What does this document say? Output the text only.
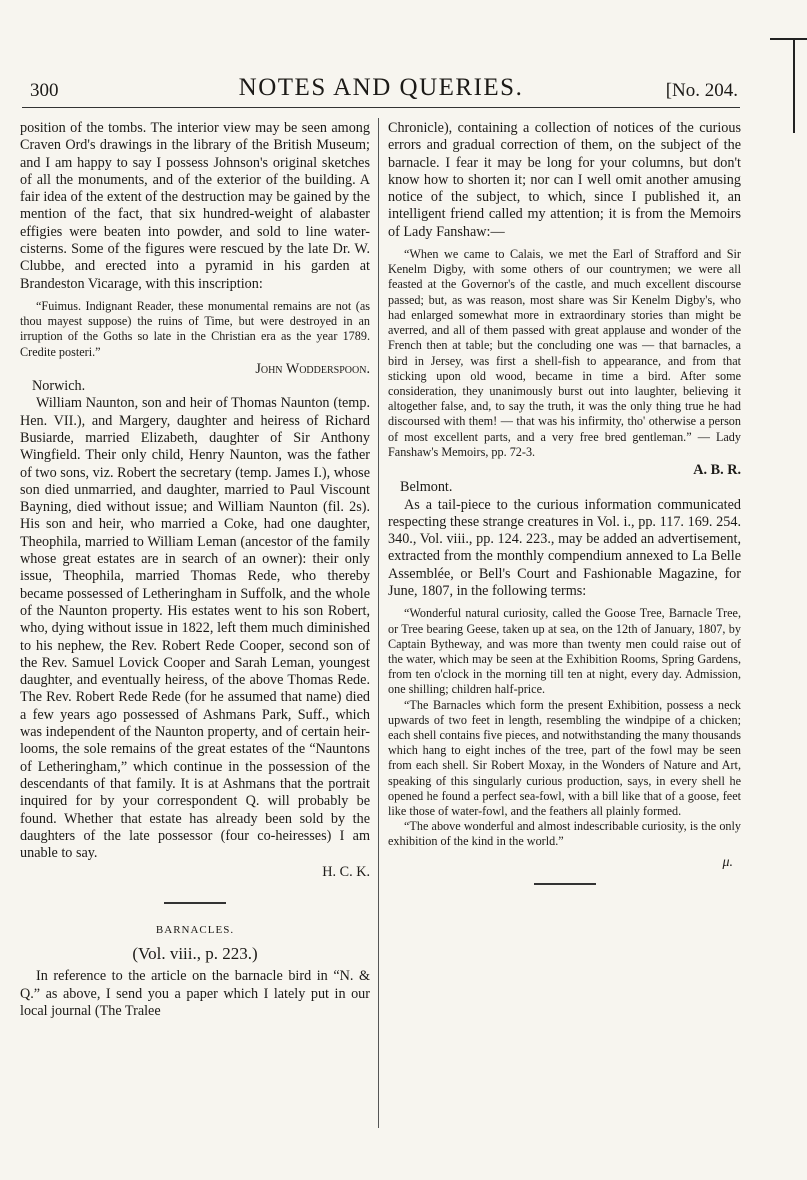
300	NOTES AND QUERIES.	[No. 204.

position of the tombs. The interior view may be seen among Craven Ord's drawings in the library of the British Museum; and I am happy to say I possess Johnson's original sketches of all the monuments, and of the exterior of the building. A fair idea of the extent of the destruction may be gained by the mention of the fact, that six hundred-weight of alabaster effigies were beaten into powder, and sold to line water-cisterns. Some of the figures were rescued by the late Dr. W. Clubbe, and erected into a pyramid in his garden at Brandeston Vicarage, with this inscription:

“Fuimus. Indignant Reader, these monumental remains are not (as thou mayest suppose) the ruins of Time, but were destroyed in an irruption of the Goths so late in the Christian era as the year 1789. Credite posteri.”

John Wodderspoon.

Norwich.

William Naunton, son and heir of Thomas Naunton (temp. Hen. VII.), and Margery, daughter and heiress of Richard Busiarde, married Elizabeth, daughter of Sir Anthony Wingfield. Their only child, Henry Naunton, was the father of two sons, viz. Robert the secretary (temp. James I.), whose son died unmarried, and daughter, married to Paul Viscount Bayning, died without issue; and William Naunton (fil. 2s). His son and heir, who married a Coke, had one daughter, Theophila, married to William Leman (ancestor of the family whose great estates are in search of an owner): their only issue, Theophila, married Thomas Rede, who thereby became possessed of Letheringham in Suffolk, and the whole of the Naunton property. His estates went to his son Robert, who, dying without issue in 1822, left them much diminished to his nephew, the Rev. Robert Rede Cooper, second son of the Rev. Samuel Lovick Cooper and Sarah Leman, youngest daughter, and eventually heiress, of the above Thomas Rede. The Rev. Robert Rede Rede (for he assumed that name) died a few years ago possessed of Ashmans Park, Suff., which was independent of the Naunton property, and of certain heir-looms, the sole remains of the great estates of the “Nauntons of Letheringham,” which continue in the possession of the descendants of that family. It is at Ashmans that the portrait inquired for by your correspondent Q. will probably be found. Whether that estate has already been sold by the daughters of the late possessor (four co-heiresses) I am unable to say.

H. C. K.

BARNACLES.
(Vol. viii., p. 223.)

In reference to the article on the barnacle bird in “N. & Q.” as above, I send you a paper which I lately put in our local journal (The Tralee

Chronicle), containing a collection of notices of the curious errors and gradual correction of them, on the subject of the barnacle. I fear it may be long for your columns, but don't know how to shorten it; nor can I well omit another amusing notice of the subject, to which, since I published it, an intelligent friend called my attention; it is from the Memoirs of Lady Fanshaw:—

“When we came to Calais, we met the Earl of Strafford and Sir Kenelm Digby, with some others of our countrymen; we were all feasted at the Governor's of the castle, and much excellent discourse passed; but, as was reason, most share was Sir Kenelm Digby's, who had enlarged somewhat more in extraordinary stories than might be averred, and all of them passed with great applause and wonder of the French then at table; but the concluding one was — that barnacles, a bird in Jersey, was first a shell-fish to appearance, and from that sticking upon old wood, became in time a bird. After some consideration, they unanimously burst out into laughter, believing it altogether false, and, to say the truth, it was the only thing true he had discoursed with them! — that was his infirmity, tho' otherwise a person of most excellent parts, and a very free bred gentleman.” — Lady Fanshaw's Memoirs, pp. 72-3.

A. B. R.

Belmont.

As a tail-piece to the curious information communicated respecting these strange creatures in Vol. i., pp. 117. 169. 254. 340., Vol. viii., pp. 124. 223., may be added an advertisement, extracted from the monthly compendium annexed to La Belle Assemblée, or Bell's Court and Fashionable Magazine, for June, 1807, in the following terms:

“Wonderful natural curiosity, called the Goose Tree, Barnacle Tree, or Tree bearing Geese, taken up at sea, on the 12th of January, 1807, by Captain Bytheway, and was more than twenty men could raise out of the water, which may be seen at the Exhibition Rooms, Spring Gardens, from ten o'clock in the morning till ten at night, every day. Admission, one shilling; children half-price.

“The Barnacles which form the present Exhibition, possess a neck upwards of two feet in length, resembling the windpipe of a chicken; each shell contains five pieces, and notwithstanding the many thousands which hang to eight inches of the tree, part of the fowl may be seen from each shell. Sir Robert Moxay, in the Wonders of Nature and Art, speaking of this singularly curious production, says, in every shell he opened he found a perfect sea-fowl, with a bill like that of a goose, feet like those of water-fowl, and the feathers all plainly formed.

“The above wonderful and almost indescribable curiosity, is the only exhibition of the kind in the world.”

μ.
